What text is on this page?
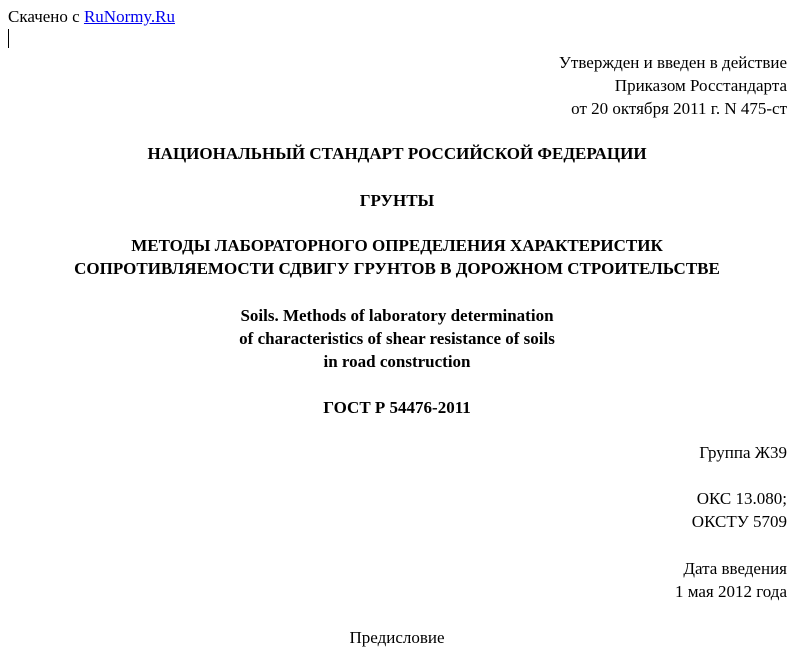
Скачено с RuNormy.Ru
Утвержден и введен в действие
Приказом Росстандарта
от 20 октября 2011 г. N 475-ст
НАЦИОНАЛЬНЫЙ СТАНДАРТ РОССИЙСКОЙ ФЕДЕРАЦИИ
ГРУНТЫ
МЕТОДЫ ЛАБОРАТОРНОГО ОПРЕДЕЛЕНИЯ ХАРАКТЕРИСТИК
СОПРОТИВЛЯЕМОСТИ СДВИГУ ГРУНТОВ В ДОРОЖНОМ СТРОИТЕЛЬСТВЕ
Soils. Methods of laboratory determination
of characteristics of shear resistance of soils
in road construction
ГОСТ Р 54476-2011
Группа Ж39
ОКС 13.080;
ОКСТУ 5709
Дата введения
1 мая 2012 года
Предисловие
